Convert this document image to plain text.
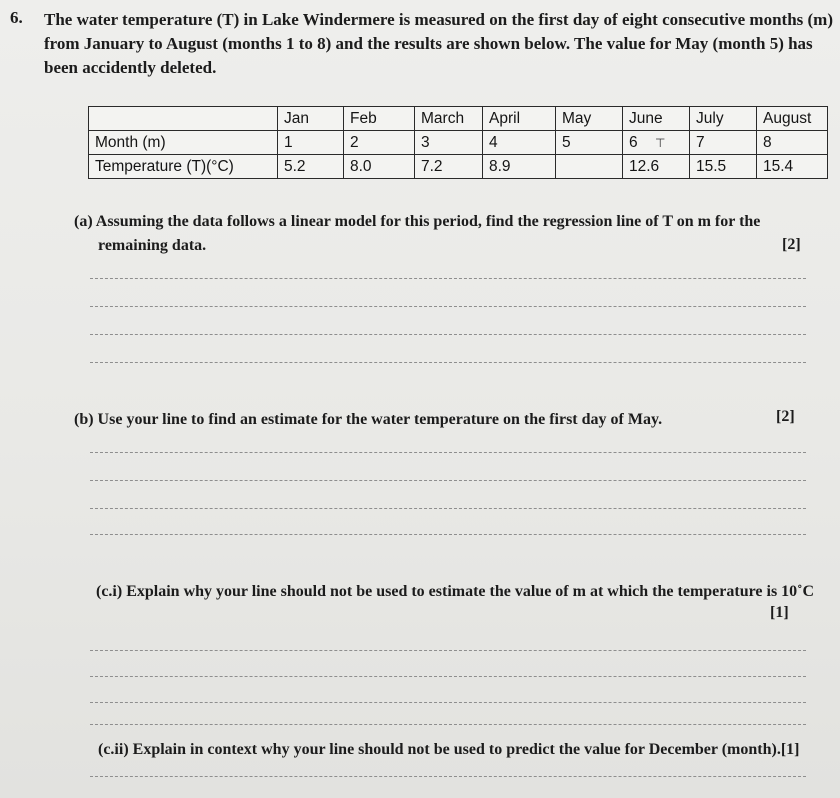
6. The water temperature (T) in Lake Windermere is measured on the first day of eight consecutive months (m) from January to August (months 1 to 8) and the results are shown below. The value for May (month 5) has been accidently deleted.
	Jan	Feb	March	April	May	June	July	August
Month (m)	1	2	3	4	5	6	7	8
Temperature (T)(°C)	5.2	8.0	7.2	8.9		12.6	15.5	15.4
⊤
(a) Assuming the data follows a linear model for this period, find the regression line of T on m for the
remaining data.	[2]
(b) Use your line to find an estimate for the water temperature on the first day of May.	[2]
(c.i) Explain why your line should not be used to estimate the value of m at which the temperature is 10˚C
[1]
(c.ii) Explain in context why your line should not be used to predict the value for December (month).[1]
